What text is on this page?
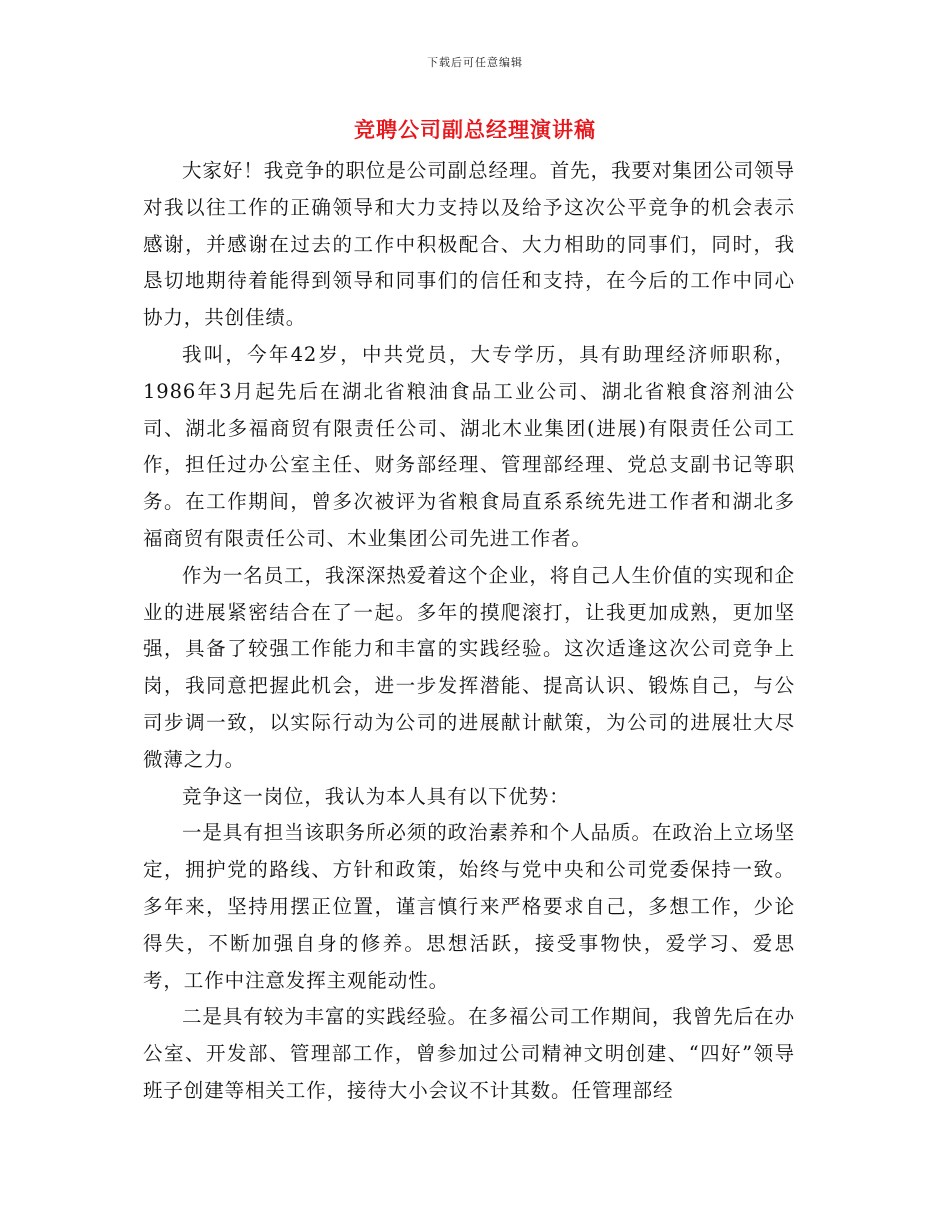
下载后可任意编辑
竞聘公司副总经理演讲稿

大家好！我竞争的职位是公司副总经理。首先，我要对集团公司领导对我以往工作的正确领导和大力支持以及给予这次公平竞争的机会表示感谢，并感谢在过去的工作中积极配合、大力相助的同事们，同时，我恳切地期待着能得到领导和同事们的信任和支持，在今后的工作中同心协力，共创佳绩。

我叫，今年42岁，中共党员，大专学历，具有助理经济师职称，1986年3月起先后在湖北省粮油食品工业公司、湖北省粮食溶剂油公司、湖北多福商贸有限责任公司、湖北木业集团(进展)有限责任公司工作，担任过办公室主任、财务部经理、管理部经理、党总支副书记等职务。在工作期间，曾多次被评为省粮食局直系系统先进工作者和湖北多福商贸有限责任公司、木业集团公司先进工作者。

作为一名员工，我深深热爱着这个企业，将自己人生价值的实现和企业的进展紧密结合在了一起。多年的摸爬滚打，让我更加成熟，更加坚强，具备了较强工作能力和丰富的实践经验。这次适逢这次公司竞争上岗，我同意把握此机会，进一步发挥潜能、提高认识、锻炼自己，与公司步调一致，以实际行动为公司的进展献计献策，为公司的进展壮大尽微薄之力。

竞争这一岗位，我认为本人具有以下优势：

一是具有担当该职务所必须的政治素养和个人品质。在政治上立场坚定，拥护党的路线、方针和政策，始终与党中央和公司党委保持一致。多年来，坚持用摆正位置，谨言慎行来严格要求自己，多想工作，少论得失，不断加强自身的修养。思想活跃，接受事物快，爱学习、爱思考，工作中注意发挥主观能动性。

二是具有较为丰富的实践经验。在多福公司工作期间，我曾先后在办公室、开发部、管理部工作，曾参加过公司精神文明创建、“四好”领导班子创建等相关工作，接待大小会议不计其数。任管理部经
